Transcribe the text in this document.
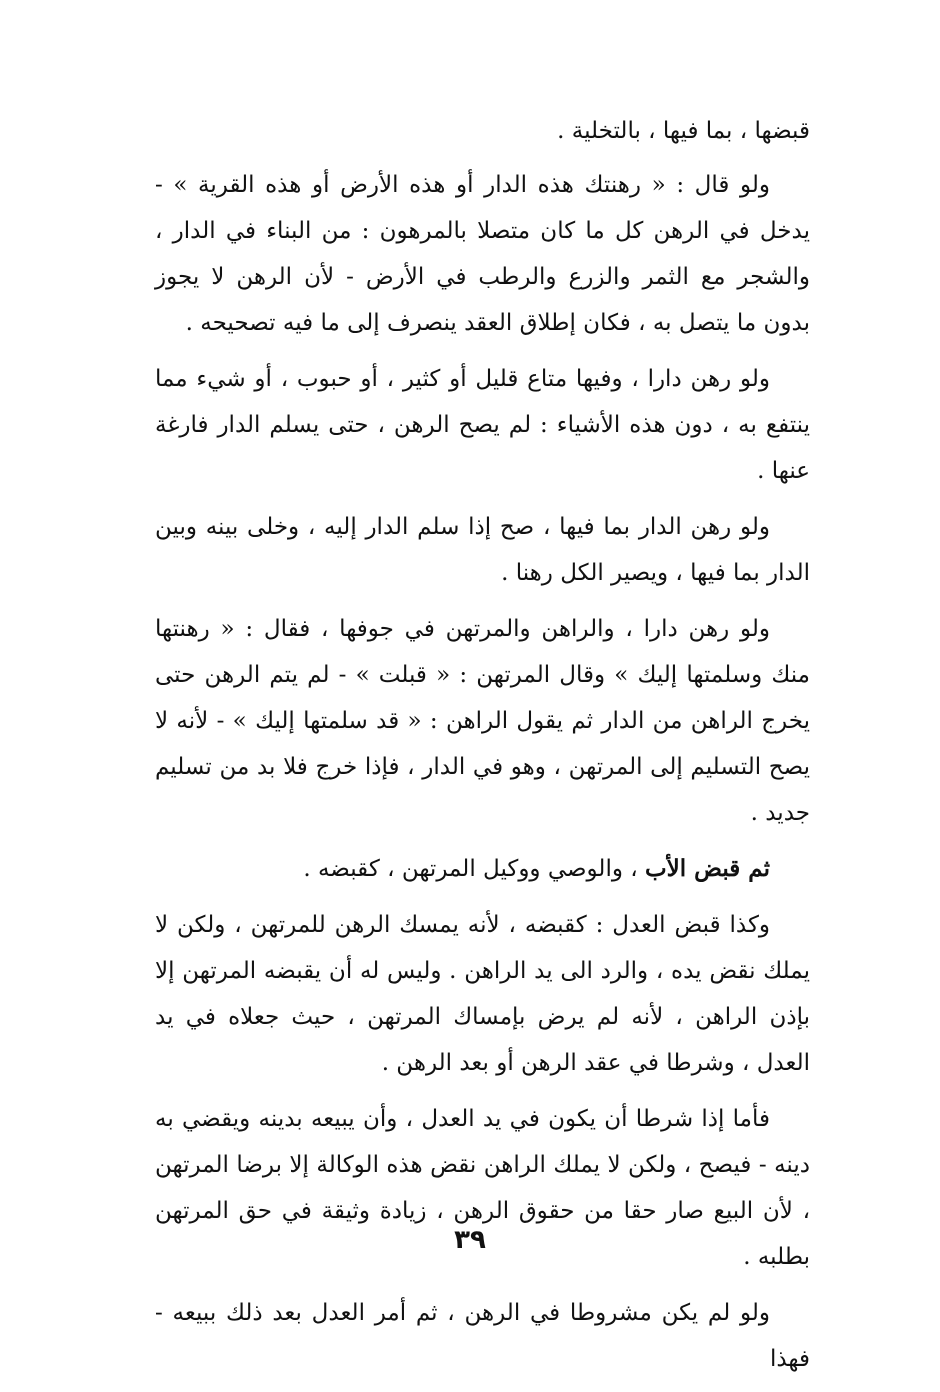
قبضها ، بما فيها ، بالتخلية .

ولو قال : « رهنتك هذه الدار أو هذه الأرض أو هذه القرية » - يدخل في الرهن كل ما كان متصلا بالمرهون : من البناء في الدار ، والشجر مع الثمر والزرع والرطب في الأرض - لأن الرهن لا يجوز بدون ما يتصل به ، فكان إطلاق العقد ينصرف إلى ما فيه تصحيحه .

ولو رهن دارا ، وفيها متاع قليل أو كثير ، أو حبوب ، أو شيء مما ينتفع به ، دون هذه الأشياء : لم يصح الرهن ، حتى يسلم الدار فارغة عنها .

ولو رهن الدار بما فيها ، صح إذا سلم الدار إليه ، وخلى بينه وبين الدار بما فيها ، ويصير الكل رهنا .

ولو رهن دارا ، والراهن والمرتهن في جوفها ، فقال : « رهنتها منك وسلمتها إليك » وقال المرتهن : « قبلت » - لم يتم الرهن حتى يخرج الراهن من الدار ثم يقول الراهن : « قد سلمتها إليك » - لأنه لا يصح التسليم إلى المرتهن ، وهو في الدار ، فإذا خرج فلا بد من تسليم جديد .

ثم قبض الأب ، والوصي ووكيل المرتهن ، كقبضه .

وكذا قبض العدل : كقبضه ، لأنه يمسك الرهن للمرتهن ، ولكن لا يملك نقض يده ، والرد الى يد الراهن . وليس له أن يقبضه المرتهن إلا بإذن الراهن ، لأنه لم يرض بإمساك المرتهن ، حيث جعلاه في يد العدل ، وشرطا في عقد الرهن أو بعد الرهن .

فأما إذا شرطا أن يكون في يد العدل ، وأن يبيعه بدينه ويقضي به دينه - فيصح ، ولكن لا يملك الراهن نقض هذه الوكالة إلا برضا المرتهن ، لأن البيع صار حقا من حقوق الرهن ، زيادة وثيقة في حق المرتهن بطلبه .

ولو لم يكن مشروطا في الرهن ، ثم أمر العدل بعد ذلك ببيعه - فهذا

٣٩
